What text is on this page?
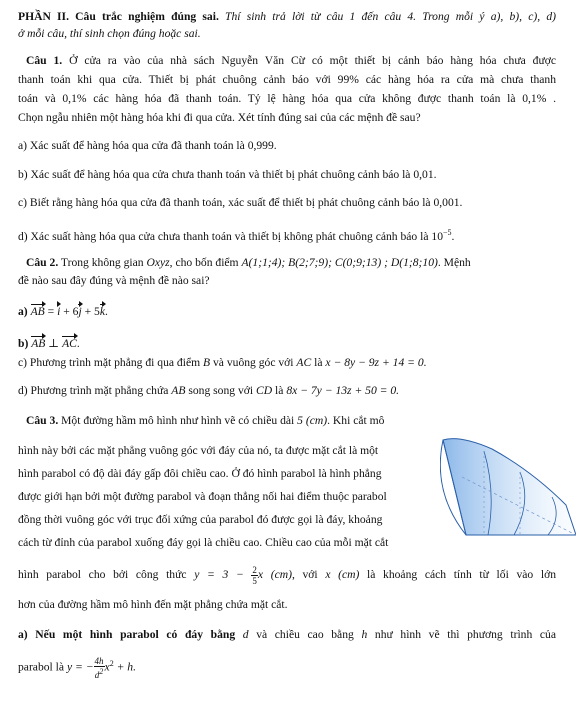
PHẦN II. Câu trắc nghiệm đúng sai. Thí sinh trả lời từ câu 1 đến câu 4. Trong mỗi ý a), b), c), d)
ở mỗi câu, thí sinh chọn đúng hoặc sai.
Câu 1. Ở cửa ra vào của nhà sách Nguyễn Văn Cừ có một thiết bị cảnh báo hàng hóa chưa được
thanh toán khi qua cửa. Thiết bị phát chuông cảnh báo với 99% các hàng hóa ra cửa mà chưa thanh
toán và 0,1% các hàng hóa đã thanh toán. Tỷ lệ hàng hóa qua cửa không được thanh toán là 0,1% .
Chọn ngẫu nhiên một hàng hóa khi đi qua cửa. Xét tính đúng sai của các mệnh đề sau?
a) Xác suất để hàng hóa qua cửa đã thanh toán là 0,999.
b) Xác suất để hàng hóa qua cửa chưa thanh toán và thiết bị phát chuông cảnh báo là 0,01.
c) Biết rằng hàng hóa qua cửa đã thanh toán, xác suất để thiết bị phát chuông cảnh báo là 0,001.
d) Xác suất hàng hóa qua cửa chưa thanh toán và thiết bị không phát chuông cảnh báo là $10^{-5}$.
Câu 2. Trong không gian Oxyz, cho bốn điểm A(1;1;4); B(2;7;9); C(0;9;13) ; D(1;8;10). Mệnh
đề nào sau đây đúng và mệnh đề nào sai?
a) AB = i + 6j + 5k.
b) AB ⊥ AC.
c) Phương trình mặt phẳng đi qua điểm B và vuông góc với AC là x − 8y − 9z + 14 = 0.
d) Phương trình mặt phẳng chứa AB song song với CD là 8x − 7y − 13z + 50 = 0.
Câu 3. Một đường hầm mô hình như hình vẽ có chiều dài 5 (cm). Khi cắt mô
hình này bởi các mặt phẳng vuông góc với đáy của nó, ta được mặt cắt là một
hình parabol có độ dài đáy gấp đôi chiều cao. Ở đó hình parabol là hình phẳng
được giới hạn bởi một đường parabol và đoạn thẳng nối hai điểm thuộc parabol
đồng thời vuông góc với trục đối xứng của parabol đó được gọi là đáy, khoảng
cách từ đỉnh của parabol xuống đáy gọi là chiều cao. Chiều cao của mỗi mặt cắt
hình parabol cho bởi công thức $y = 3 - \frac{2}{5}$ x (cm), với x (cm) là khoảng cách tính từ lối vào lớn
hơn của đường hầm mô hình đến mặt phẳng chứa mặt cắt.
a) Nếu một hình parabol có đáy bằng d và chiều cao bằng h như hình vẽ thì phương trình của
parabol là y = − $\frac{4h}{d^2} x^2 + h$.
